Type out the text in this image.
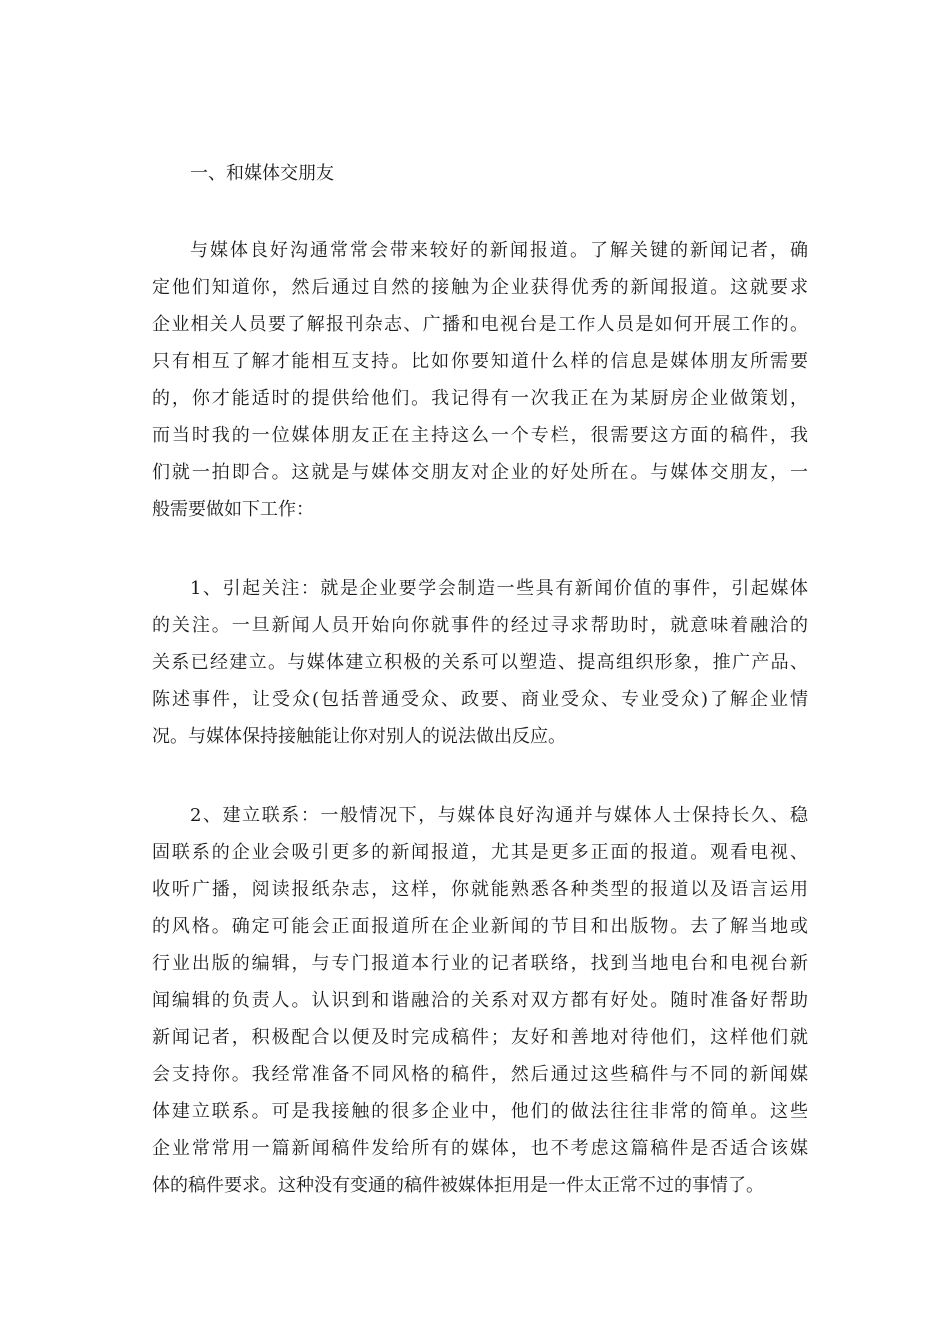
一、和媒体交朋友
与媒体良好沟通常常会带来较好的新闻报道。了解关键的新闻记者，确
定他们知道你，然后通过自然的接触为企业获得优秀的新闻报道。这就要求
企业相关人员要了解报刊杂志、广播和电视台是工作人员是如何开展工作的。
只有相互了解才能相互支持。比如你要知道什么样的信息是媒体朋友所需要
的，你才能适时的提供给他们。我记得有一次我正在为某厨房企业做策划，
而当时我的一位媒体朋友正在主持这么一个专栏，很需要这方面的稿件，我
们就一拍即合。这就是与媒体交朋友对企业的好处所在。与媒体交朋友，一
般需要做如下工作：
1、引起关注：就是企业要学会制造一些具有新闻价值的事件，引起媒体
的关注。一旦新闻人员开始向你就事件的经过寻求帮助时，就意味着融洽的
关系已经建立。与媒体建立积极的关系可以塑造、提高组织形象，推广产品、
陈述事件，让受众(包括普通受众、政要、商业受众、专业受众)了解企业情
况。与媒体保持接触能让你对别人的说法做出反应。
2、建立联系：一般情况下，与媒体良好沟通并与媒体人士保持长久、稳
固联系的企业会吸引更多的新闻报道，尤其是更多正面的报道。观看电视、
收听广播，阅读报纸杂志，这样，你就能熟悉各种类型的报道以及语言运用
的风格。确定可能会正面报道所在企业新闻的节目和出版物。去了解当地或
行业出版的编辑，与专门报道本行业的记者联络，找到当地电台和电视台新
闻编辑的负责人。认识到和谐融洽的关系对双方都有好处。随时准备好帮助
新闻记者，积极配合以便及时完成稿件；友好和善地对待他们，这样他们就
会支持你。我经常准备不同风格的稿件，然后通过这些稿件与不同的新闻媒
体建立联系。可是我接触的很多企业中，他们的做法往往非常的简单。这些
企业常常用一篇新闻稿件发给所有的媒体，也不考虑这篇稿件是否适合该媒
体的稿件要求。这种没有变通的稿件被媒体拒用是一件太正常不过的事情了。
